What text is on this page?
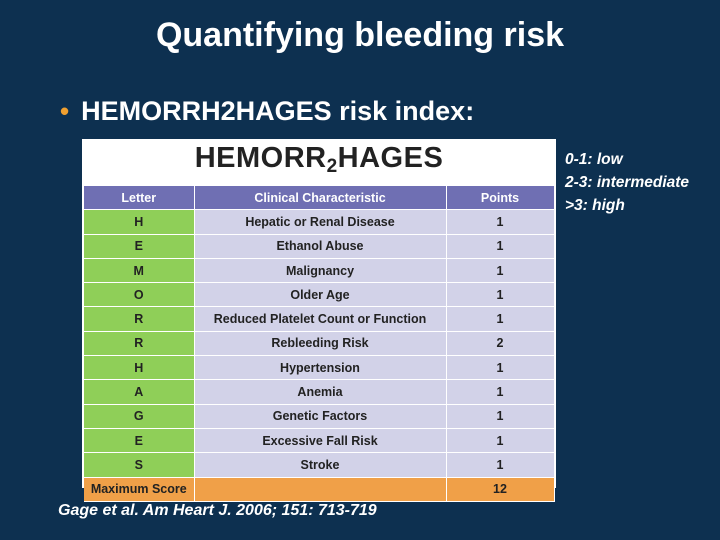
Quantifying bleeding risk
• HEMORRH2HAGES risk index:
$HEMORR_2HAGES$
Letter	Clinical Characteristic	Points
H	Hepatic or Renal Disease	1
E	Ethanol Abuse	1
M	Malignancy	1
O	Older Age	1
R	Reduced Platelet Count or Function	1
R	Rebleeding Risk	2
H	Hypertension	1
A	Anemia	1
G	Genetic Factors	1
E	Excessive Fall Risk	1
S	Stroke	1
Maximum Score		12
0-1: low
2-3: intermediate
>3: high
Gage et al. Am Heart J. 2006; 151: 713-719
